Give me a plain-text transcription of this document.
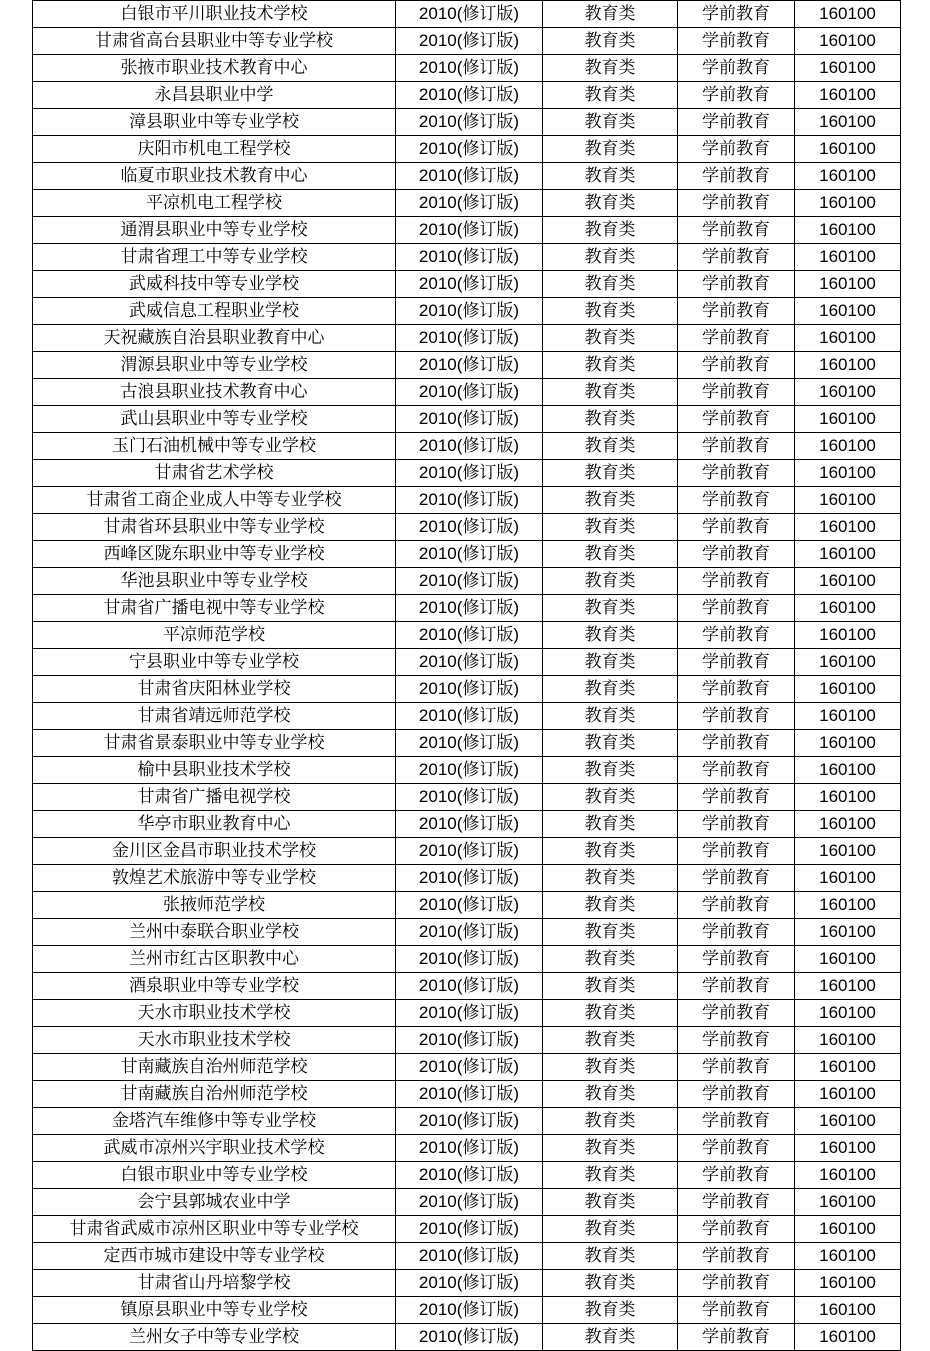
白银市平川职业技术学校	2010(修订版)	教育类	学前教育	160100
甘肃省高台县职业中等专业学校	2010(修订版)	教育类	学前教育	160100
张掖市职业技术教育中心	2010(修订版)	教育类	学前教育	160100
永昌县职业中学	2010(修订版)	教育类	学前教育	160100
漳县职业中等专业学校	2010(修订版)	教育类	学前教育	160100
庆阳市机电工程学校	2010(修订版)	教育类	学前教育	160100
临夏市职业技术教育中心	2010(修订版)	教育类	学前教育	160100
平凉机电工程学校	2010(修订版)	教育类	学前教育	160100
通渭县职业中等专业学校	2010(修订版)	教育类	学前教育	160100
甘肃省理工中等专业学校	2010(修订版)	教育类	学前教育	160100
武威科技中等专业学校	2010(修订版)	教育类	学前教育	160100
武威信息工程职业学校	2010(修订版)	教育类	学前教育	160100
天祝藏族自治县职业教育中心	2010(修订版)	教育类	学前教育	160100
渭源县职业中等专业学校	2010(修订版)	教育类	学前教育	160100
古浪县职业技术教育中心	2010(修订版)	教育类	学前教育	160100
武山县职业中等专业学校	2010(修订版)	教育类	学前教育	160100
玉门石油机械中等专业学校	2010(修订版)	教育类	学前教育	160100
甘肃省艺术学校	2010(修订版)	教育类	学前教育	160100
甘肃省工商企业成人中等专业学校	2010(修订版)	教育类	学前教育	160100
甘肃省环县职业中等专业学校	2010(修订版)	教育类	学前教育	160100
西峰区陇东职业中等专业学校	2010(修订版)	教育类	学前教育	160100
华池县职业中等专业学校	2010(修订版)	教育类	学前教育	160100
甘肃省广播电视中等专业学校	2010(修订版)	教育类	学前教育	160100
平凉师范学校	2010(修订版)	教育类	学前教育	160100
宁县职业中等专业学校	2010(修订版)	教育类	学前教育	160100
甘肃省庆阳林业学校	2010(修订版)	教育类	学前教育	160100
甘肃省靖远师范学校	2010(修订版)	教育类	学前教育	160100
甘肃省景泰职业中等专业学校	2010(修订版)	教育类	学前教育	160100
榆中县职业技术学校	2010(修订版)	教育类	学前教育	160100
甘肃省广播电视学校	2010(修订版)	教育类	学前教育	160100
华亭市职业教育中心	2010(修订版)	教育类	学前教育	160100
金川区金昌市职业技术学校	2010(修订版)	教育类	学前教育	160100
敦煌艺术旅游中等专业学校	2010(修订版)	教育类	学前教育	160100
张掖师范学校	2010(修订版)	教育类	学前教育	160100
兰州中泰联合职业学校	2010(修订版)	教育类	学前教育	160100
兰州市红古区职教中心	2010(修订版)	教育类	学前教育	160100
酒泉职业中等专业学校	2010(修订版)	教育类	学前教育	160100
天水市职业技术学校	2010(修订版)	教育类	学前教育	160100
天水市职业技术学校	2010(修订版)	教育类	学前教育	160100
甘南藏族自治州师范学校	2010(修订版)	教育类	学前教育	160100
甘南藏族自治州师范学校	2010(修订版)	教育类	学前教育	160100
金塔汽车维修中等专业学校	2010(修订版)	教育类	学前教育	160100
武威市凉州兴宇职业技术学校	2010(修订版)	教育类	学前教育	160100
白银市职业中等专业学校	2010(修订版)	教育类	学前教育	160100
会宁县郭城农业中学	2010(修订版)	教育类	学前教育	160100
甘肃省武威市凉州区职业中等专业学校	2010(修订版)	教育类	学前教育	160100
定西市城市建设中等专业学校	2010(修订版)	教育类	学前教育	160100
甘肃省山丹培黎学校	2010(修订版)	教育类	学前教育	160100
镇原县职业中等专业学校	2010(修订版)	教育类	学前教育	160100
兰州女子中等专业学校	2010(修订版)	教育类	学前教育	160100
